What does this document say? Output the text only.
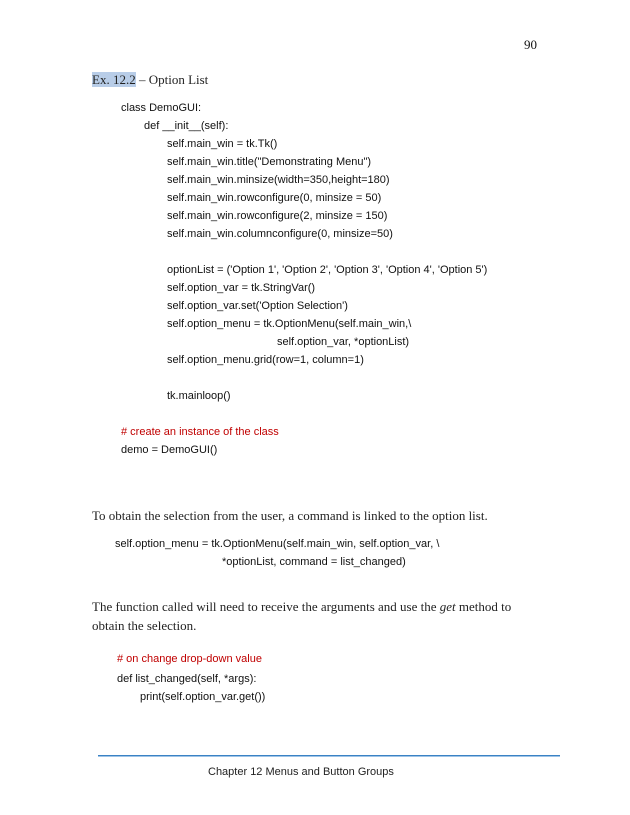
90
Ex. 12.2 – Option List
class DemoGUI:
def __init__(self):
self.main_win = tk.Tk()
self.main_win.title("Demonstrating Menu")
self.main_win.minsize(width=350,height=180)
self.main_win.rowconfigure(0, minsize = 50)
self.main_win.rowconfigure(2, minsize = 150)
self.main_win.columnconfigure(0, minsize=50)
optionList = ('Option 1', 'Option 2', 'Option 3', 'Option 4', 'Option 5')
self.option_var = tk.StringVar()
self.option_var.set('Option Selection')
self.option_menu = tk.OptionMenu(self.main_win,\
self.option_var, *optionList)
self.option_menu.grid(row=1, column=1)
tk.mainloop()
# create an instance of the class
demo = DemoGUI()
To obtain the selection from the user, a command is linked to the option list.
self.option_menu = tk.OptionMenu(self.main_win, self.option_var, \
*optionList, command = list_changed)
The function called will need to receive the arguments and use the get method to
obtain the selection.
# on change drop-down value
def list_changed(self, *args):
print(self.option_var.get())
Chapter 12 Menus and Button Groups
